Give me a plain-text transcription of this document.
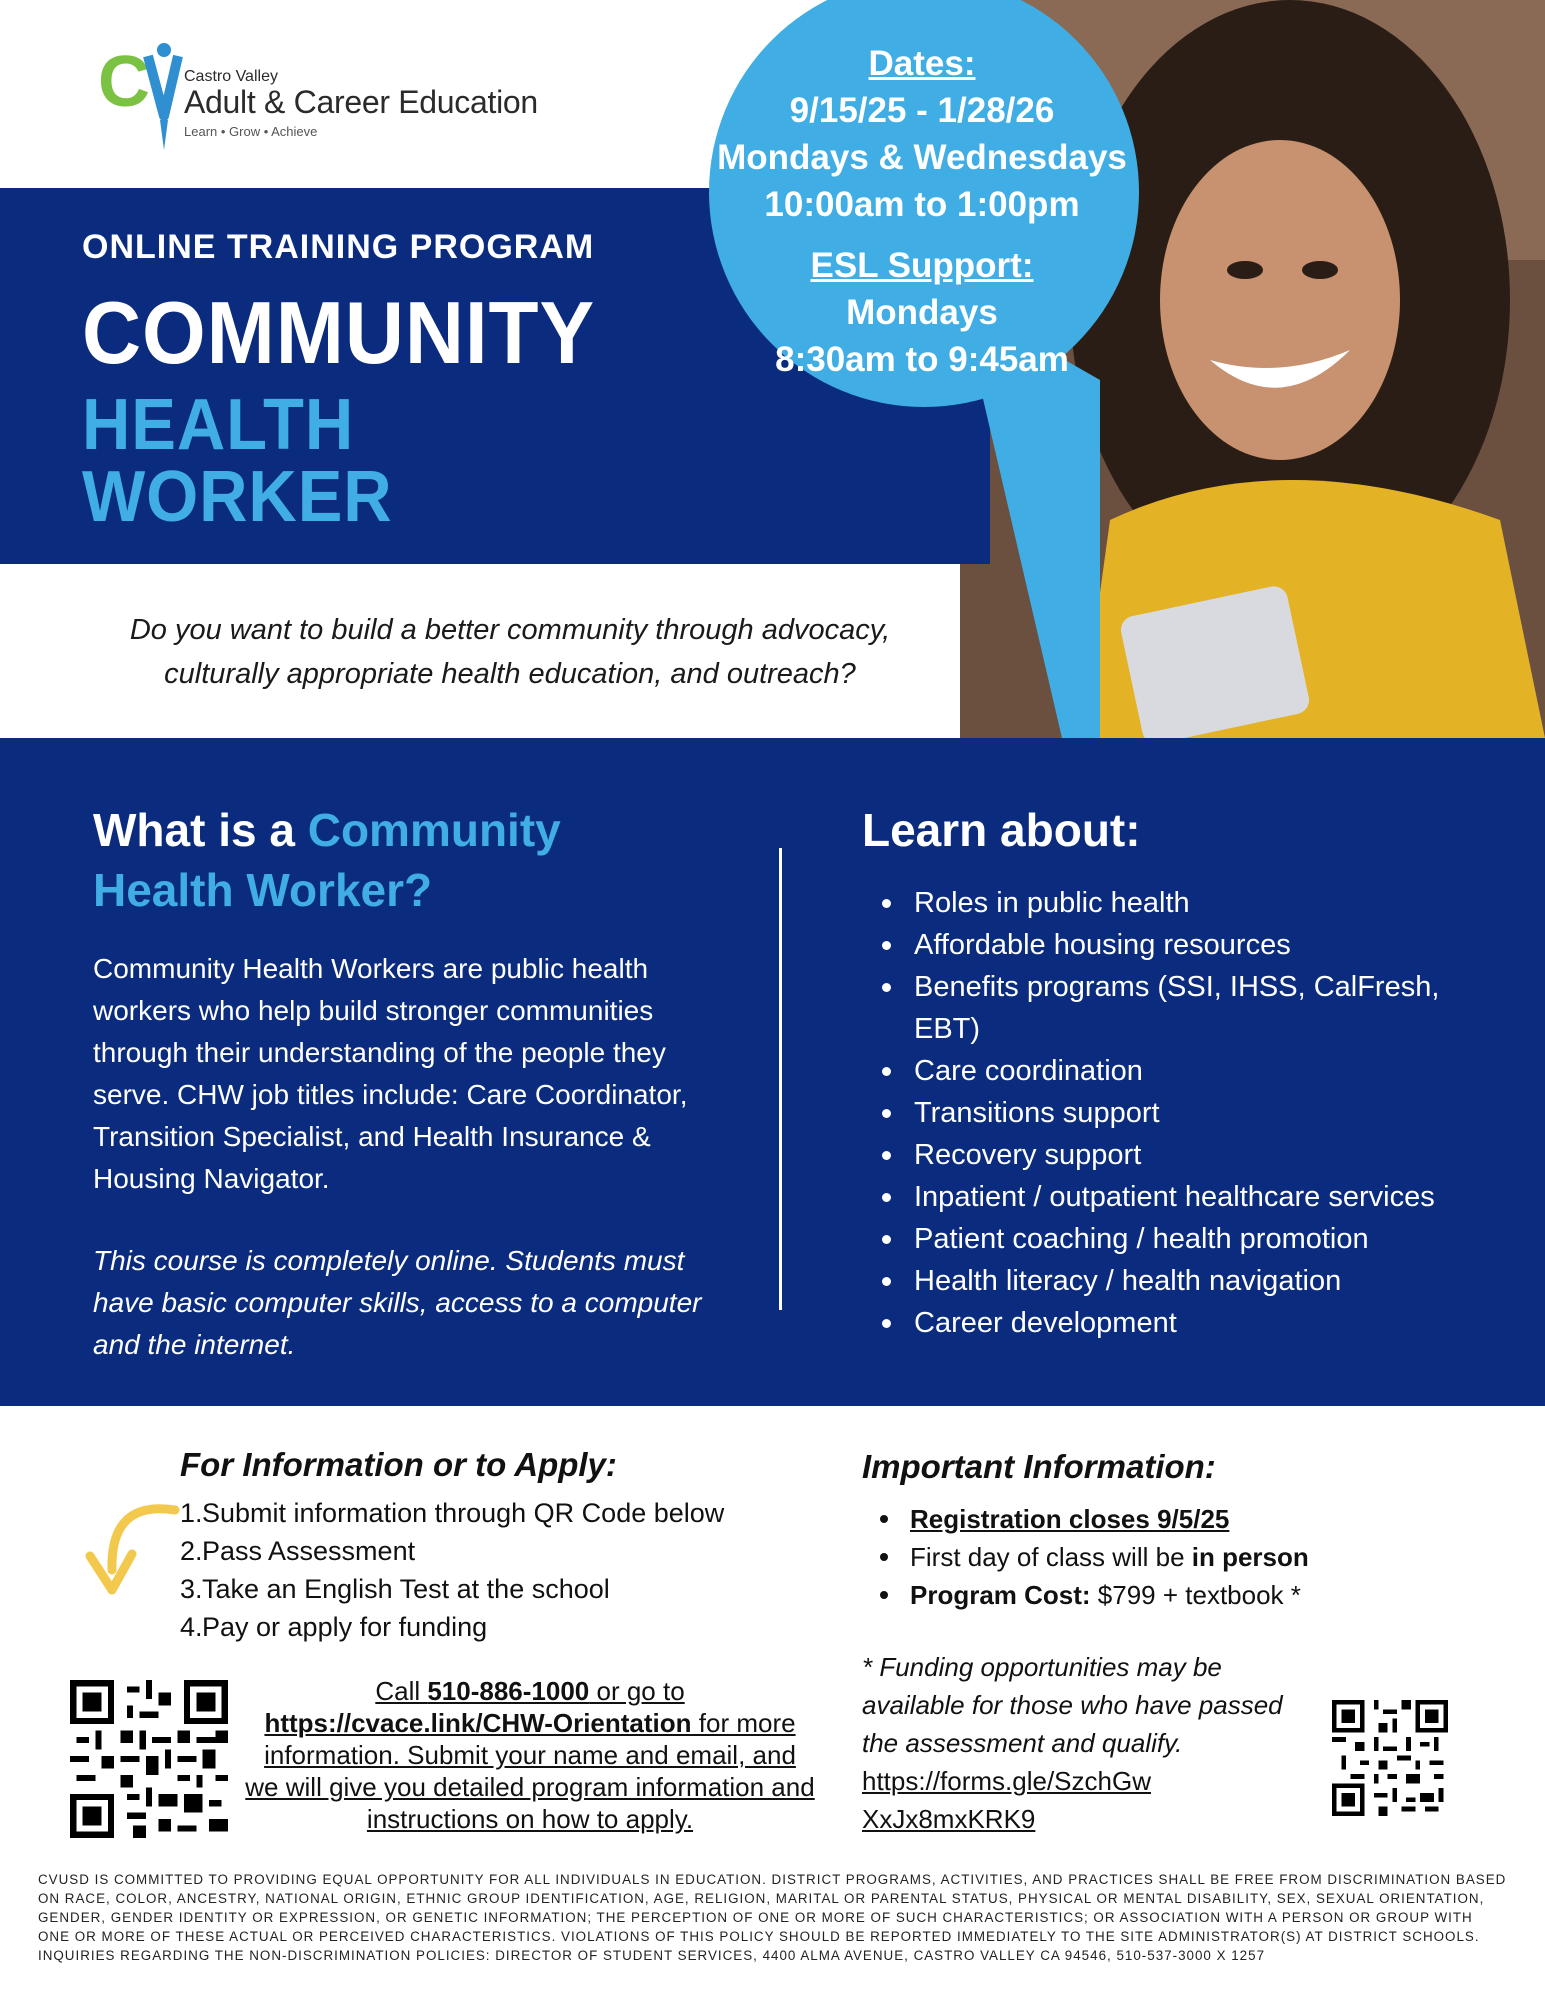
C Castro Valley
Adult & Career Education
Learn • Grow • Achieve
ONLINE TRAINING PROGRAM
COMMUNITY
HEALTH WORKER
Now with English Language Support
Dates:
9/15/25 - 1/28/26
Mondays & Wednesdays
10:00am to 1:00pm
ESL Support:
Mondays
8:30am to 9:45am
Do you want to build a better community through advocacy,
culturally appropriate health education, and outreach?
What is a Community
Health Worker?

Community Health Workers are public health workers who help build stronger communities through their understanding of the people they serve. CHW job titles include: Care Coordinator, Transition Specialist, and Health Insurance & Housing Navigator.

This course is completely online. Students must have basic computer skills, access to a computer and the internet.

Learn about:
Roles in public health
Affordable housing resources
Benefits programs (SSI, IHSS, CalFresh, EBT)
Care coordination
Transitions support
Recovery support
Inpatient / outpatient healthcare services
Patient coaching / health promotion
Health literacy / health navigation
Career development
For Information or to Apply:
1. Submit information through QR Code below
2. Pass Assessment
3. Take an English Test at the school
4. Pay or apply for funding
Call 510-886-1000 or go to https://cvace.link/CHW-Orientation for more information. Submit your name and email, and we will give you detailed program information and instructions on how to apply.
Important Information:
Registration closes 9/5/25
First day of class will be in person
Program Cost: $799 + textbook *
* Funding opportunities may be available for those who have passed the assessment and qualify.
https://forms.gle/SzchGw
XxJx8mxKRK9
CVUSD IS COMMITTED TO PROVIDING EQUAL OPPORTUNITY FOR ALL INDIVIDUALS IN EDUCATION. DISTRICT PROGRAMS, ACTIVITIES, AND PRACTICES SHALL BE FREE FROM DISCRIMINATION BASED ON RACE, COLOR, ANCESTRY, NATIONAL ORIGIN, ETHNIC GROUP IDENTIFICATION, AGE, RELIGION, MARITAL OR PARENTAL STATUS, PHYSICAL OR MENTAL DISABILITY, SEX, SEXUAL ORIENTATION, GENDER, GENDER IDENTITY OR EXPRESSION, OR GENETIC INFORMATION; THE PERCEPTION OF ONE OR MORE OF SUCH CHARACTERISTICS; OR ASSOCIATION WITH A PERSON OR GROUP WITH ONE OR MORE OF THESE ACTUAL OR PERCEIVED CHARACTERISTICS. VIOLATIONS OF THIS POLICY SHOULD BE REPORTED IMMEDIATELY TO THE SITE ADMINISTRATOR(S) AT DISTRICT SCHOOLS. INQUIRIES REGARDING THE NON-DISCRIMINATION POLICIES: DIRECTOR OF STUDENT SERVICES, 4400 ALMA AVENUE, CASTRO VALLEY CA 94546, 510-537-3000 X 1257
